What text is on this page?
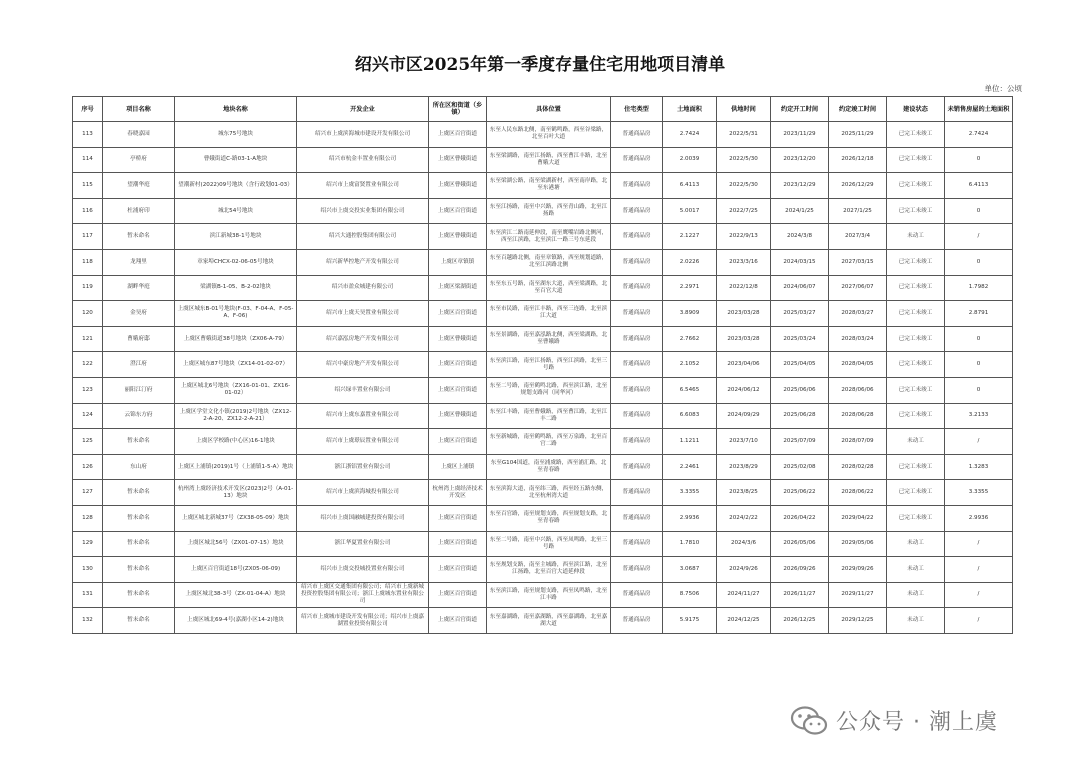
绍兴市区2025年第一季度存量住宅用地项目清单
单位：公顷
序号	项目名称	地块名称	开发企业	所在区和街道（乡镇）	具体位置	住宅类型	土地面积	供地时间	约定开工时间	约定竣工时间	建设状态	未销售房屋的土地面积
113	春晓嘉园	城东75号地块	绍兴市上虞滨海城市建设开发有限公司	上虞区百官街道	东至人民东路北侧，南至鹤鸣路，西至谷梁路，北至百叶大道	普通商品房	2.7424	2022/5/31	2023/11/29	2025/11/29	已完工未竣工	2.7424
114	亭桥府	曹娥街道C-路03-1-A地块	绍兴市杭金丰置业有限公司	上虞区曹娥街道	东至梁湖路，南至江扬路，西至曹江丰路，北至曹娥大道	普通商品房	2.0039	2022/5/30	2023/12/20	2026/12/18	已完工未竣工	0
115	望潮华庭	望潮新村(2022)09号地块（含行政划01-03）	绍兴市上虞富贤置业有限公司	上虞区曹娥街道	东至梁湖公路，南至梁湖新村，西至南岸路，北至东港塘	普通商品房	6.4113	2022/5/30	2023/12/29	2026/12/29	已完工未竣工	6.4113
116	杜浦府印	城北54号地块	绍兴市上虞交投实业集团有限公司	上虞区百官街道	东至江扬路，南至中兴路，西至青山路，北至江扬路	普通商品房	5.0017	2022/7/25	2024/1/25	2027/1/25	已完工未竣工	0
117	暂未命名	滨江新城38-1号地块	绍兴大通控股集团有限公司	上虞区曹娥街道	东至滨江二路南延伸段，南至鹰嘴岩路北侧河，西至江滨路，北至滨江一路三号东延段	普通商品房	2.1227	2022/9/13	2024/3/8	2027/3/4	未动工	/
118	龙翔里	章家埠CHCX-02-06-05号地块	绍兴新华控地产开发有限公司	上虞区章镇镇	东至百越路北侧，南至章镇路，西至规划道路，北至江滨路北侧	普通商品房	2.0226	2023/3/16	2024/03/15	2027/03/15	已完工未竣工	0
119	湖畔华庭	梁湖镇B-1-05、B-2-02地块	绍兴市盈众城建有限公司	上虞区梁湖街道	东至东五号路，南至湖东大道，西至梁湖路，北至百官大道	普通商品房	2.2971	2022/12/8	2024/06/07	2027/06/07	已完工未竣工	1.7982
120	金昊府	上虞区城东B-01号地块(F-03、F-04-A、F-05-A、F-06)	绍兴市上虞天昊置业有限公司	上虞区百官街道	东至市民路，南至江丰路，西至三连路，北至滨江大道	普通商品房	3.8909	2023/03/28	2025/03/27	2028/03/27	已完工未竣工	2.8791
121	曹娥府邸	上虞区曹娥街道38号地块（ZX06-A-79）	绍兴嘉泓房地产开发有限公司	上虞区曹娥街道	东至景湖路，南至嘉泓路北侧，西至梁湖路，北至曹娥路	普通商品房	2.7662	2023/03/28	2025/03/24	2028/03/24	已完工未竣工	0
122	澄江府	上虞区城东87号地块（ZX14-01-02-07）	绍兴中豪房地产开发有限公司	上虞区百官街道	东至滨江路，南至江扬路，西至江滨路，北至三号路	普通商品房	2.1052	2023/04/06	2025/04/05	2028/04/05	已完工未竣工	0
123	丽阳江汀府	上虞区城北6号地块（ZX16-01-01、ZX16-01-02）	绍兴绿丰置业有限公司	上虞区百官街道	东至二号路，南至鹤鸣北路，西至滨江路，北至规划支路河（同华河）	普通商品房	6.5465	2024/06/12	2025/06/06	2028/06/06	已完工未竣工	0
124	云锦东方府	上虞区学堂文化小镇(2019)2号地块（ZX12-2-A-20、ZX12-2-A-21）	绍兴市上虞东嘉置业有限公司	上虞区曹娥街道	东至江丰路，南至曹娥路，西至曹江路，北至江丰二路	普通商品房	6.6083	2024/09/29	2025/06/28	2028/06/28	已完工未竣工	3.2133
125	暂未命名	上虞区学校路(中心区)16-1地块	绍兴市上虞璟辰置业有限公司	上虞区百官街道	东至新城路，南至鹤鸣路，西至万泉路，北至百官二路	普通商品房	1.1211	2023/7/10	2025/07/09	2028/07/09	未动工	/
126	东山府	上虞区上浦镇(2019)1号（上浦镇1-5-A）地块	浙江浙铝置业有限公司	上虞区上浦镇	东至G104国道，南至浦虞路，西至浦汇路，北至青春路	普通商品房	2.2461	2023/8/29	2025/02/08	2028/02/28	已完工未竣工	1.3283
127	暂未命名	杭州湾上虞经济技术开发区(2023)2号（A-01-13）地块	绍兴市上虞滨海城投有限公司	杭州湾上虞经济技术开发区	东至滨海大道，南至纬三路，西至经五路东侧，北至杭州湾大道	普通商品房	3.3355	2023/8/25	2025/06/22	2028/06/22	已完工未竣工	3.3355
128	暂未命名	上虞区城北新城37号（ZX38-05-09）地块	绍兴市上虞国融城建投资有限公司	上虞区百官街道	东至百官路，南至规划支路，西至规划支路，北至青春路	普通商品房	2.9936	2024/2/22	2026/04/22	2029/04/22	已完工未竣工	2.9936
129	暂未命名	上虞区城北56号（ZX01-07-15）地块	浙江华夏置业有限公司	上虞区百官街道	东至二号路，南至中兴路，西至凤鸣路，北至三号路	普通商品房	1.7810	2024/3/6	2026/05/06	2029/05/06	未动工	/
130	暂未命名	上虞区百官街道18号(ZX05-06-09)	绍兴市上虞交投城投置业有限公司	上虞区百官街道	东至规划支路，南至主城路，西至滨江路，北至江扬路，北至百官大道延伸段	普通商品房	3.0687	2024/9/26	2026/09/26	2029/09/26	未动工	/
131	暂未命名	上虞区城北38-3号（ZX-01-04-A）地块	绍兴市上虞区交通集团有限公司；绍兴市上虞新城投资控股集团有限公司；浙江上虞城东置业有限公司	上虞区百官街道	东至滨江路，南至规划支路，西至凤鸣路，北至江丰路	普通商品房	8.7506	2024/11/27	2026/11/27	2029/11/27	未动工	/
132	暂未命名	上虞区城北69-4号(嘉湖小区14-2)地块	绍兴市上虞城市建设开发有限公司；绍兴市上虞嘉湖置业投资有限公司	上虞区百官街道	东至嘉湖路，南至嘉湖路，西至嘉湖路，北至嘉湖大道	普通商品房	5.9175	2024/12/25	2026/12/25	2029/12/25	未动工	/
公众号 · 潮上虞
